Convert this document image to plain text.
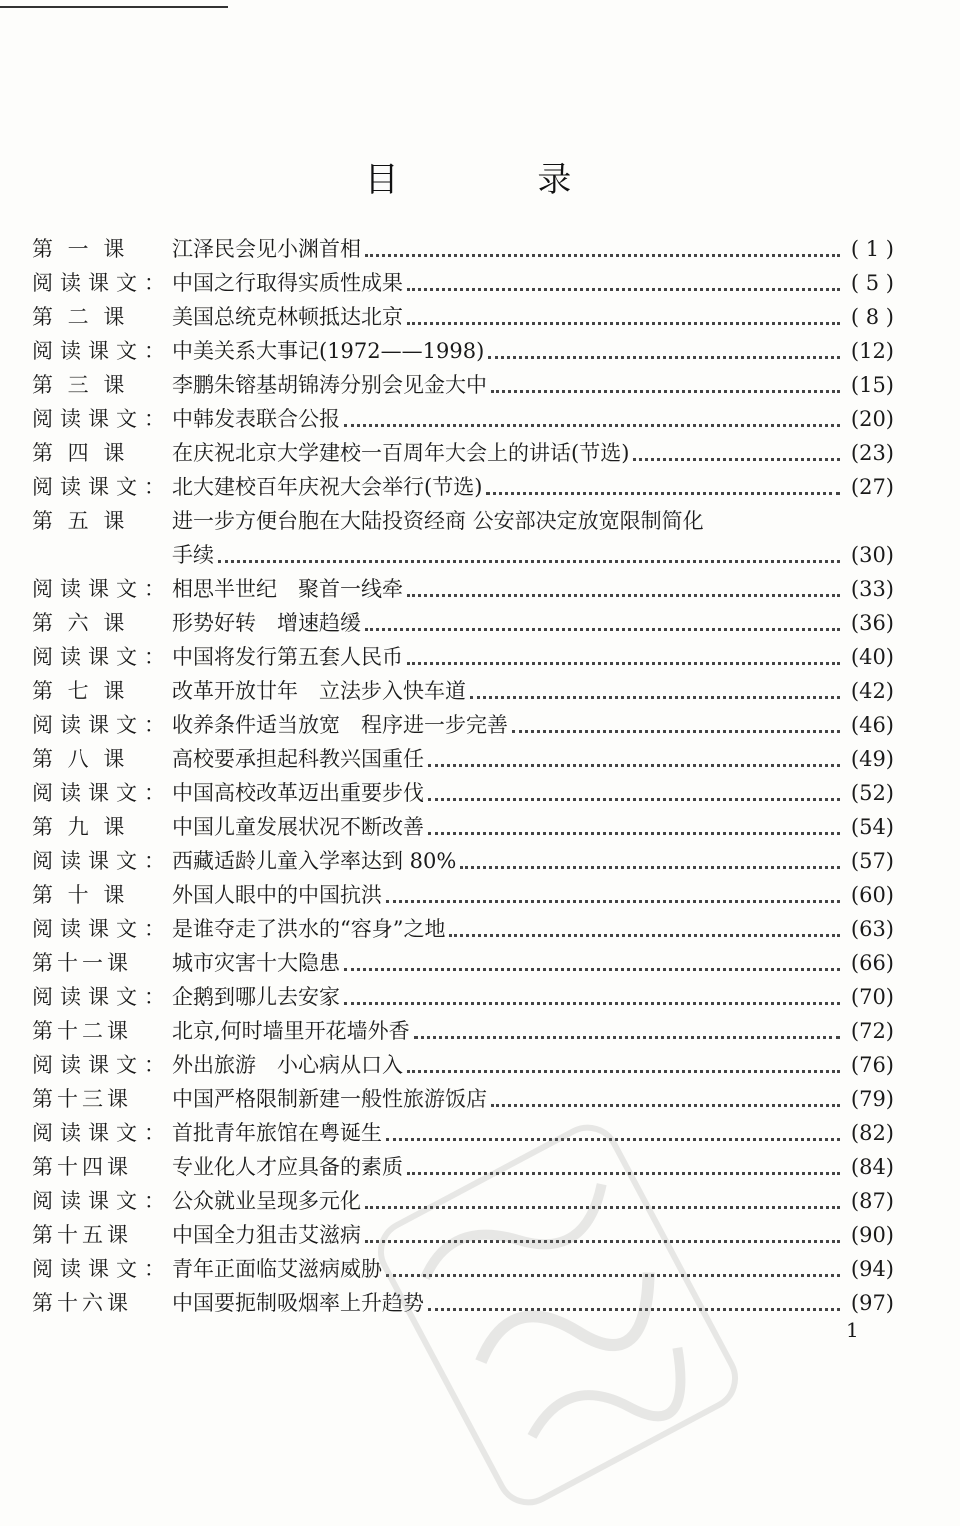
目 录
第 一 课	江泽民会见小渊首相	( 1 )
阅读课文： 中国之行取得实质性成果	( 5 )
第 二 课	美国总统克林顿抵达北京	( 8 )
阅读课文： 中美关系大事记(1972——1998)	(12)
第 三 课	李鹏朱镕基胡锦涛分别会见金大中	(15)
阅读课文： 中韩发表联合公报	(20)
第 四 课	在庆祝北京大学建校一百周年大会上的讲话(节选)	(23)
阅读课文： 北大建校百年庆祝大会举行(节选)	(27)
第 五 课	进一步方便台胞在大陆投资经商 公安部决定放宽限制简化
手续	(30)
阅读课文： 相思半世纪　聚首一线牵	(33)
第 六 课	形势好转　增速趋缓	(36)
阅读课文： 中国将发行第五套人民币	(40)
第 七 课	改革开放廿年　立法步入快车道	(42)
阅读课文： 收养条件适当放宽　程序进一步完善	(46)
第 八 课	高校要承担起科教兴国重任	(49)
阅读课文： 中国高校改革迈出重要步伐	(52)
第 九 课	中国儿童发展状况不断改善	(54)
阅读课文： 西藏适龄儿童入学率达到 80%	(57)
第 十 课	外国人眼中的中国抗洪	(60)
阅读课文： 是谁夺走了洪水的“容身”之地	(63)
第十一课	城市灾害十大隐患	(66)
阅读课文： 企鹅到哪儿去安家	(70)
第十二课	北京,何时墙里开花墙外香	(72)
阅读课文： 外出旅游　小心病从口入	(76)
第十三课	中国严格限制新建一般性旅游饭店	(79)
阅读课文： 首批青年旅馆在粤诞生	(82)
第十四课	专业化人才应具备的素质	(84)
阅读课文： 公众就业呈现多元化	(87)
第十五课	中国全力狙击艾滋病	(90)
阅读课文： 青年正面临艾滋病威胁	(94)
第十六课	中国要扼制吸烟率上升趋势	(97)
1
